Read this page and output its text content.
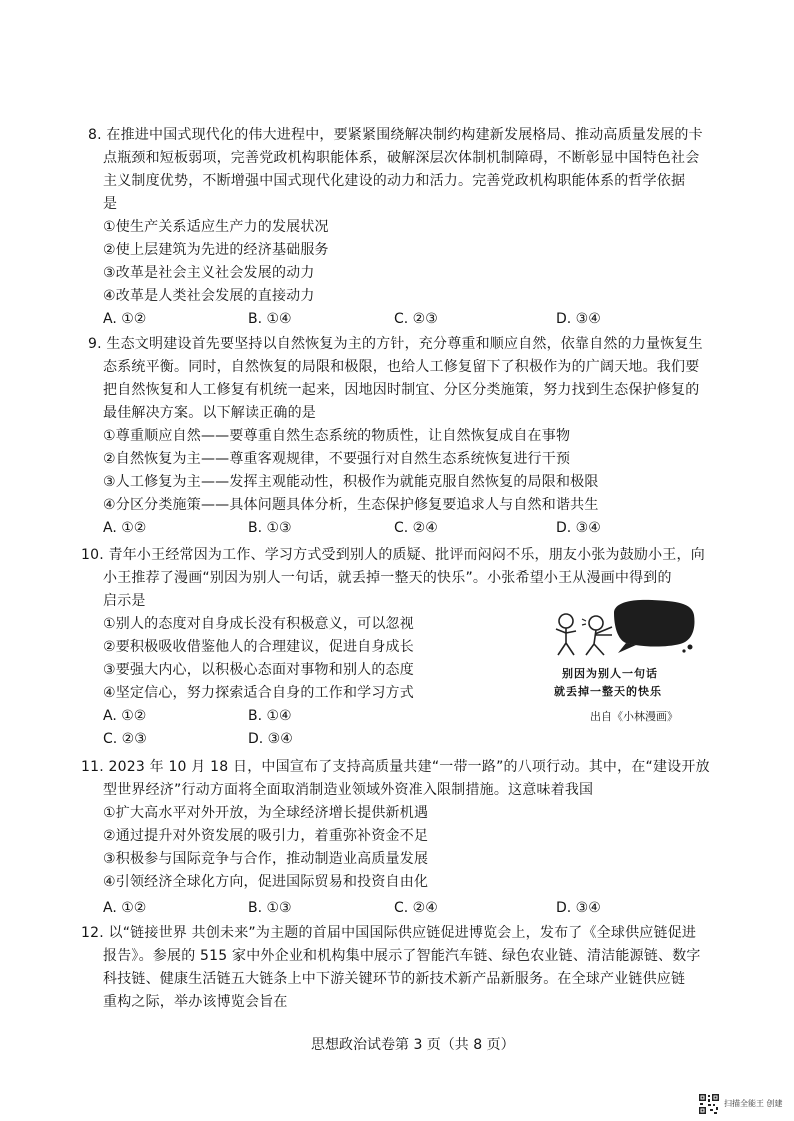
8. 在推进中国式现代化的伟大进程中，要紧紧围绕解决制约构建新发展格局、推动高质量发展的卡
点瓶颈和短板弱项，完善党政机构职能体系，破解深层次体制机制障碍，不断彰显中国特色社会
主义制度优势，不断增强中国式现代化建设的动力和活力。完善党政机构职能体系的哲学依据
是
①使生产关系适应生产力的发展状况
②使上层建筑为先进的经济基础服务
③改革是社会主义社会发展的动力
④改革是人类社会发展的直接动力
A. ①②	B. ①④	C. ②③	D. ③④
9. 生态文明建设首先要坚持以自然恢复为主的方针，充分尊重和顺应自然，依靠自然的力量恢复生
态系统平衡。同时，自然恢复的局限和极限，也给人工修复留下了积极作为的广阔天地。我们要
把自然恢复和人工修复有机统一起来，因地因时制宜、分区分类施策，努力找到生态保护修复的
最佳解决方案。以下解读正确的是
①尊重顺应自然——要尊重自然生态系统的物质性，让自然恢复成自在事物
②自然恢复为主——尊重客观规律，不要强行对自然生态系统恢复进行干预
③人工修复为主——发挥主观能动性，积极作为就能克服自然恢复的局限和极限
④分区分类施策——具体问题具体分析，生态保护修复要追求人与自然和谐共生
A. ①②	B. ①③	C. ②④	D. ③④
10. 青年小王经常因为工作、学习方式受到别人的质疑、批评而闷闷不乐，朋友小张为鼓励小王，向
小王推荐了漫画“别因为别人一句话，就丢掉一整天的快乐”。小张希望小王从漫画中得到的
启示是
①别人的态度对自身成长没有积极意义，可以忽视
②要积极吸收借鉴他人的合理建议，促进自身成长
③要强大内心，以积极心态面对事物和别人的态度
④坚定信心，努力探索适合自身的工作和学习方式
A. ①②	B. ①④
C. ②③	D. ③④
别因为别人一句话
就丢掉一整天的快乐
出自《小林漫画》
11. 2023 年 10 月 18 日，中国宣布了支持高质量共建“一带一路”的八项行动。其中，在“建设开放
型世界经济”行动方面将全面取消制造业领域外资准入限制措施。这意味着我国
①扩大高水平对外开放，为全球经济增长提供新机遇
②通过提升对外资发展的吸引力，着重弥补资金不足
③积极参与国际竞争与合作，推动制造业高质量发展
④引领经济全球化方向，促进国际贸易和投资自由化
A. ①②	B. ①③	C. ②④	D. ③④
12. 以“链接世界 共创未来”为主题的首届中国国际供应链促进博览会上，发布了《全球供应链促进
报告》。参展的 515 家中外企业和机构集中展示了智能汽车链、绿色农业链、清洁能源链、数字
科技链、健康生活链五大链条上中下游关键环节的新技术新产品新服务。在全球产业链供应链
重构之际，举办该博览会旨在
思想政治试卷第 3 页（共 8 页）
扫描全能王 创建
